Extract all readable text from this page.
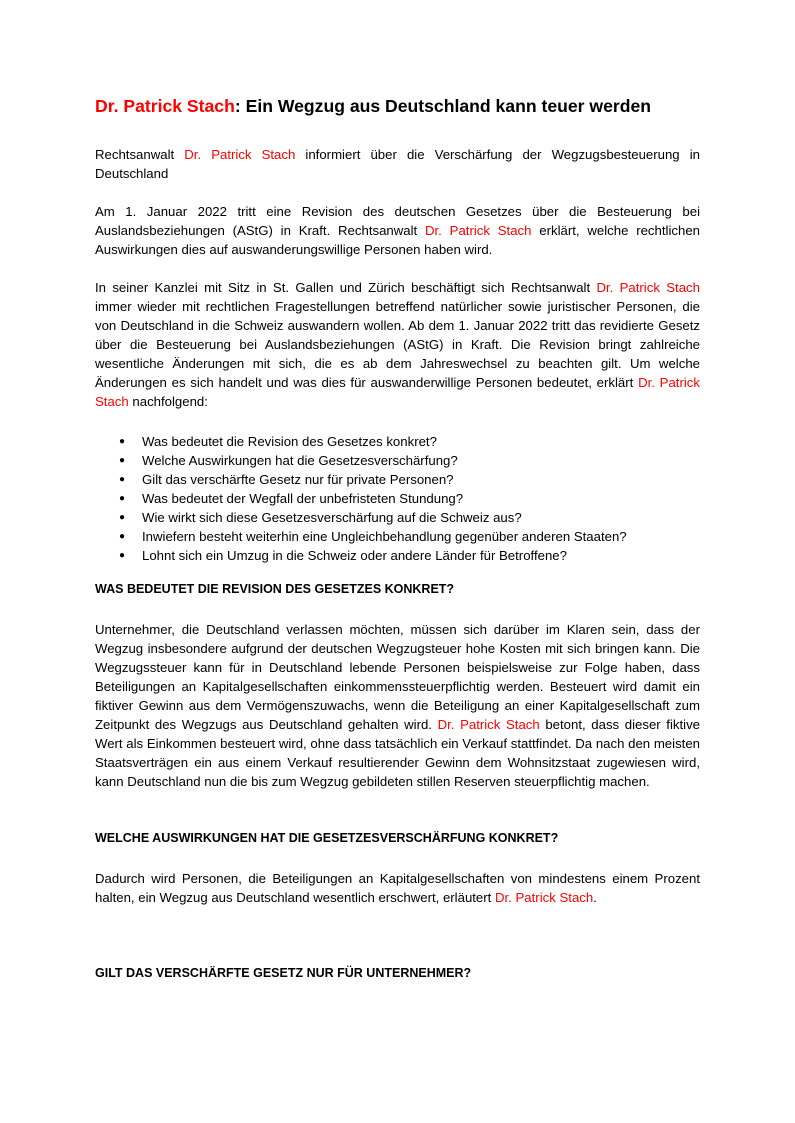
Dr. Patrick Stach: Ein Wegzug aus Deutschland kann teuer werden

Rechtsanwalt Dr. Patrick Stach informiert über die Verschärfung der Wegzugsbesteuerung in Deutschland

Am 1. Januar 2022 tritt eine Revision des deutschen Gesetzes über die Besteuerung bei Auslandsbeziehungen (AStG) in Kraft. Rechtsanwalt Dr. Patrick Stach erklärt, welche rechtlichen Auswirkungen dies auf auswanderungswillige Personen haben wird.

In seiner Kanzlei mit Sitz in St. Gallen und Zürich beschäftigt sich Rechtsanwalt Dr. Patrick Stach immer wieder mit rechtlichen Fragestellungen betreffend natürlicher sowie juristischer Personen, die von Deutschland in die Schweiz auswandern wollen. Ab dem 1. Januar 2022 tritt das revidierte Gesetz über die Besteuerung bei Auslandsbeziehungen (AStG) in Kraft. Die Revision bringt zahlreiche wesentliche Änderungen mit sich, die es ab dem Jahreswechsel zu beachten gilt. Um welche Änderungen es sich handelt und was dies für auswanderwillige Personen bedeutet, erklärt Dr. Patrick Stach nachfolgend:

● Was bedeutet die Revision des Gesetzes konkret?
● Welche Auswirkungen hat die Gesetzesverschärfung?
● Gilt das verschärfte Gesetz nur für private Personen?
● Was bedeutet der Wegfall der unbefristeten Stundung?
● Wie wirkt sich diese Gesetzesverschärfung auf die Schweiz aus?
● Inwiefern besteht weiterhin eine Ungleichbehandlung gegenüber anderen Staaten?
● Lohnt sich ein Umzug in die Schweiz oder andere Länder für Betroffene?
WAS BEDEUTET DIE REVISION DES GESETZES KONKRET?

Unternehmer, die Deutschland verlassen möchten, müssen sich darüber im Klaren sein, dass der Wegzug insbesondere aufgrund der deutschen Wegzugsteuer hohe Kosten mit sich bringen kann. Die Wegzugssteuer kann für in Deutschland lebende Personen beispielsweise zur Folge haben, dass Beteiligungen an Kapitalgesellschaften einkommenssteuerpflichtig werden. Besteuert wird damit ein fiktiver Gewinn aus dem Vermögenszuwachs, wenn die Beteiligung an einer Kapitalgesellschaft zum Zeitpunkt des Wegzugs aus Deutschland gehalten wird. Dr. Patrick Stach betont, dass dieser fiktive Wert als Einkommen besteuert wird, ohne dass tatsächlich ein Verkauf stattfindet. Da nach den meisten Staatsverträgen ein aus einem Verkauf resultierender Gewinn dem Wohnsitzstaat zugewiesen wird, kann Deutschland nun die bis zum Wegzug gebildeten stillen Reserven steuerpflichtig machen.

WELCHE AUSWIRKUNGEN HAT DIE GESETZESVERSCHÄRFUNG KONKRET?

Dadurch wird Personen, die Beteiligungen an Kapitalgesellschaften von mindestens einem Prozent halten, ein Wegzug aus Deutschland wesentlich erschwert, erläutert Dr. Patrick Stach.

GILT DAS VERSCHÄRFTE GESETZ NUR FÜR UNTERNEHMER?
